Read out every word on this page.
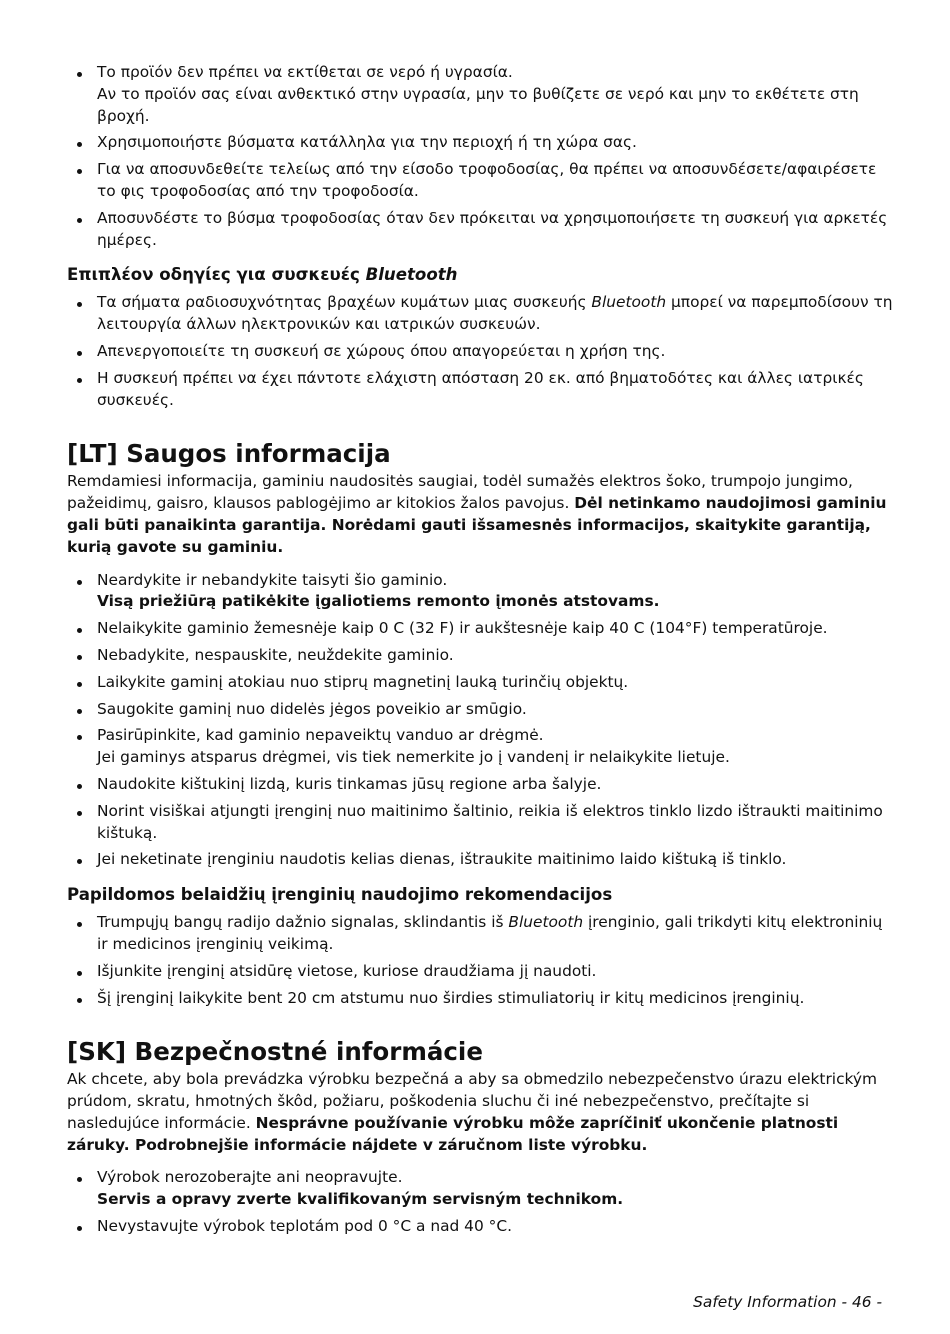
Το προϊόν δεν πρέπει να εκτίθεται σε νερό ή υγρασία.
Αν το προϊόν σας είναι ανθεκτικό στην υγρασία, μην το βυθίζετε σε νερό και μην το εκθέτετε στη βροχή.
Χρησιμοποιήστε βύσματα κατάλληλα για την περιοχή ή τη χώρα σας.
Για να αποσυνδεθείτε τελείως από την είσοδο τροφοδοσίας, θα πρέπει να αποσυνδέσετε/αφαιρέσετε το φις τροφοδοσίας από την τροφοδοσία.
Αποσυνδέστε το βύσμα τροφοδοσίας όταν δεν πρόκειται να χρησιμοποιήσετε τη συσκευή για αρκετές ημέρες.
Επιπλέον οδηγίες για συσκευές Bluetooth
Τα σήματα ραδιοσυχνότητας βραχέων κυμάτων μιας συσκευής Bluetooth μπορεί να παρεμποδίσουν τη λειτουργία άλλων ηλεκτρονικών και ιατρικών συσκευών.
Απενεργοποιείτε τη συσκευή σε χώρους όπου απαγορεύεται η χρήση της.
Η συσκευή πρέπει να έχει πάντοτε ελάχιστη απόσταση 20 εκ. από βηματοδότες και άλλες ιατρικές συσκευές.
[LT] Saugos informacija

Remdamiesi informacija, gaminiu naudositės saugiai, todėl sumažės elektros šoko, trumpojo jungimo, pažeidimų, gaisro, klausos pablogėjimo ar kitokios žalos pavojus. Dėl netinkamo naudojimosi gaminiu gali būti panaikinta garantija. Norėdami gauti išsamesnės informacijos, skaitykite garantiją, kurią gavote su gaminiu.

Neardykite ir nebandykite taisyti šio gaminio.
Visą priežiūrą patikėkite įgaliotiems remonto įmonės atstovams.
Nelaikykite gaminio žemesnėje kaip 0 C (32 F) ir aukštesnėje kaip 40 C (104°F) temperatūroje.
Nebadykite, nespauskite, neuždekite gaminio.
Laikykite gaminį atokiau nuo stiprų magnetinį lauką turinčių objektų.
Saugokite gaminį nuo didelės jėgos poveikio ar smūgio.
Pasirūpinkite, kad gaminio nepaveiktų vanduo ar drėgmė.
Jei gaminys atsparus drėgmei, vis tiek nemerkite jo į vandenį ir nelaikykite lietuje.
Naudokite kištukinį lizdą, kuris tinkamas jūsų regione arba šalyje.
Norint visiškai atjungti įrenginį nuo maitinimo šaltinio, reikia iš elektros tinklo lizdo ištraukti maitinimo kištuką.
Jei neketinate įrenginiu naudotis kelias dienas, ištraukite maitinimo laido kištuką iš tinklo.
Papildomos belaidžių įrenginių naudojimo rekomendacijos
Trumpųjų bangų radijo dažnio signalas, sklindantis iš Bluetooth įrenginio, gali trikdyti kitų elektroninių ir medicinos įrenginių veikimą.
Išjunkite įrenginį atsidūrę vietose, kuriose draudžiama jį naudoti.
Šį įrenginį laikykite bent 20 cm atstumu nuo širdies stimuliatorių ir kitų medicinos įrenginių.
[SK] Bezpečnostné informácie

Ak chcete, aby bola prevádzka výrobku bezpečná a aby sa obmedzilo nebezpečenstvo úrazu elektrickým prúdom, skratu, hmotných škôd, požiaru, poškodenia sluchu či iné nebezpečenstvo, prečítajte si nasledujúce informácie. Nesprávne používanie výrobku môže zapríčiniť ukončenie platnosti záruky. Podrobnejšie informácie nájdete v záručnom liste výrobku.

Výrobok nerozoberajte ani neopravujte.
Servis a opravy zverte kvalifikovaným servisným technikom.
Nevystavujte výrobok teplotám pod 0 °C a nad 40 °C.
Safety Information - 46 -
